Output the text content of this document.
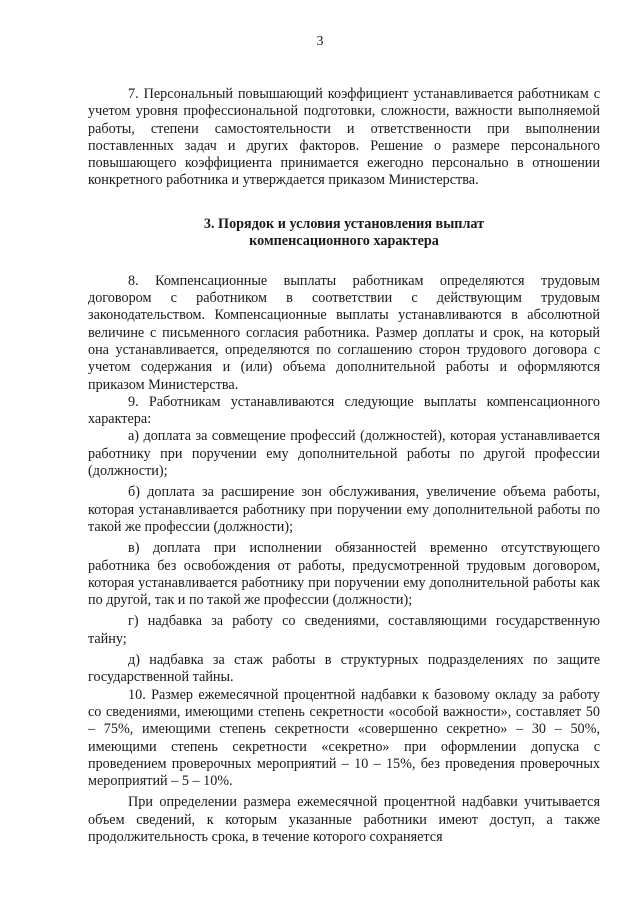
3

7. Персональный повышающий коэффициент устанавливается работникам с учетом уровня профессиональной подготовки, сложности, важности выполняемой работы, степени самостоятельности и ответственности при выполнении поставленных задач и других факторов. Решение о размере персонального повышающего коэффициента принимается ежегодно персонально в отношении конкретного работника и утверждается приказом Министерства.

3. Порядок и условия установления выплат
компенсационного характера

8. Компенсационные выплаты работникам определяются трудовым договором с работником в соответствии с действующим трудовым законодательством. Компенсационные выплаты устанавливаются в абсолютной величине с письменного согласия работника. Размер доплаты и срок, на который она устанавливается, определяются по соглашению сторон трудового договора с учетом содержания и (или) объема дополнительной работы и оформляются приказом Министерства.

9. Работникам устанавливаются следующие выплаты компенсационного характера:

а) доплата за совмещение профессий (должностей), которая устанавливается работнику при поручении ему дополнительной работы по другой профессии (должности);

б) доплата за расширение зон обслуживания, увеличение объема работы, которая устанавливается работнику при поручении ему дополнительной работы по такой же профессии (должности);

в) доплата при исполнении обязанностей временно отсутствующего работника без освобождения от работы, предусмотренной трудовым договором, которая устанавливается работнику при поручении ему дополнительной работы как по другой, так и по такой же профессии (должности);

г) надбавка за работу со сведениями, составляющими государственную тайну;

д) надбавка за стаж работы в структурных подразделениях по защите государственной тайны.

10. Размер ежемесячной процентной надбавки к базовому окладу за работу со сведениями, имеющими степень секретности «особой важности», составляет 50 – 75%, имеющими степень секретности «совершенно секретно» – 30 – 50%, имеющими степень секретности «секретно» при оформлении допуска с проведением проверочных мероприятий – 10 – 15%, без проведения проверочных мероприятий – 5 – 10%.

При определении размера ежемесячной процентной надбавки учитывается объем сведений, к которым указанные работники имеют доступ, а также продолжительность срока, в течение которого сохраняется
